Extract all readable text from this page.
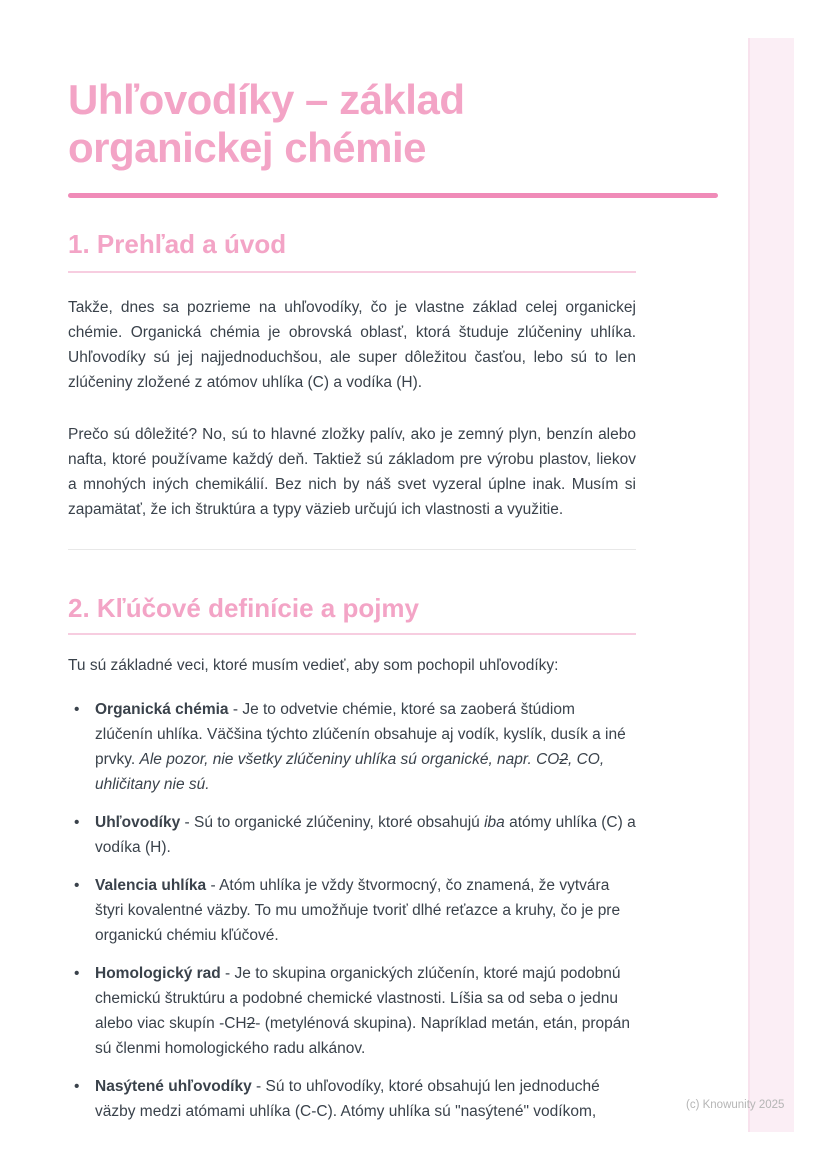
Uhľovodíky – základ organickej chémie
1. Prehľad a úvod

Takže, dnes sa pozrieme na uhľovodíky, čo je vlastne základ celej organickej chémie. Organická chémia je obrovská oblasť, ktorá študuje zlúčeniny uhlíka. Uhľovodíky sú jej najjednoduchšou, ale super dôležitou časťou, lebo sú to len zlúčeniny zložené z atómov uhlíka (C) a vodíka (H).

Prečo sú dôležité? No, sú to hlavné zložky palív, ako je zemný plyn, benzín alebo nafta, ktoré používame každý deň. Taktiež sú základom pre výrobu plastov, liekov a mnohých iných chemikálií. Bez nich by náš svet vyzeral úplne inak. Musím si zapamätať, že ich štruktúra a typy väzieb určujú ich vlastnosti a využitie.

2. Kľúčové definície a pojmy

Tu sú základné veci, ktoré musím vedieť, aby som pochopil uhľovodíky:

• Organická chémia - Je to odvetvie chémie, ktoré sa zaoberá štúdiom zlúčenín uhlíka. Väčšina týchto zlúčenín obsahuje aj vodík, kyslík, dusík a iné prvky. Ale pozor, nie všetky zlúčeniny uhlíka sú organické, napr. CO2, CO, uhličitany nie sú.
• Uhľovodíky - Sú to organické zlúčeniny, ktoré obsahujú iba atómy uhlíka (C) a vodíka (H).
• Valencia uhlíka - Atóm uhlíka je vždy štvormocný, čo znamená, že vytvára štyri kovalentné väzby. To mu umožňuje tvoriť dlhé reťazce a kruhy, čo je pre organickú chémiu kľúčové.
• Homologický rad - Je to skupina organických zlúčenín, ktoré majú podobnú chemickú štruktúru a podobné chemické vlastnosti. Líšia sa od seba o jednu alebo viac skupín -CH2- (metylénová skupina). Napríklad metán, etán, propán sú členmi homologického radu alkánov.
• Nasýtené uhľovodíky - Sú to uhľovodíky, ktoré obsahujú len jednoduché väzby medzi atómami uhlíka (C-C). Atómy uhlíka sú "nasýtené" vodíkom,	(c) Knowunity 2025
